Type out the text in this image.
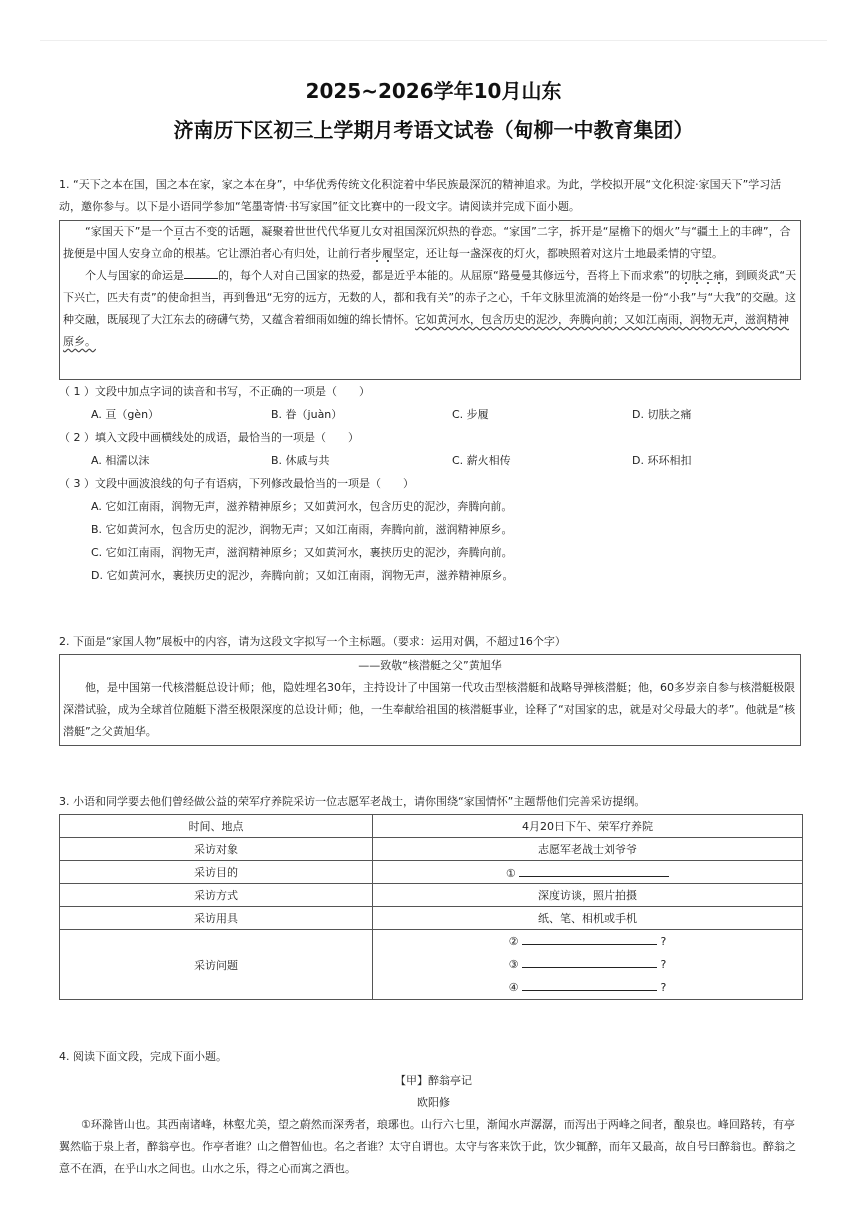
2025~2026学年10月山东
济南历下区初三上学期月考语文试卷（甸柳一中教育集团）
1. “天下之本在国，国之本在家，家之本在身”，中华优秀传统文化积淀着中华民族最深沉的精神追求。为此，学校拟开展“文化积淀·家国天下”学习活动，邀你参与。以下是小语同学参加“笔墨寄情·书写家国”征文比赛中的一段文字。请阅读并完成下面小题。

“家国天下”是一个亘古不变的话题，凝聚着世世代代华夏儿女对祖国深沉炽热的眷恋。“家国”二字，拆开是“屋檐下的烟火”与“疆土上的丰碑”，合拢便是中国人安身立命的根基。它让漂泊者心有归处，让前行者步履坚定，还让每一盏深夜的灯火，都映照着对这片土地最柔情的守望。

个人与国家的命运是	的，每个人对自己国家的热爱，都是近乎本能的。从屈原“路曼曼其修远兮，吾将上下而求索”的切肤之痛，到顾炎武“天下兴亡，匹夫有责”的使命担当，再到鲁迅“无穷的远方，无数的人，都和我有关”的赤子之心，千年文脉里流淌的始终是一份“小我”与“大我”的交融。这种交融，既展现了大江东去的磅礴气势，又蕴含着细雨如缠的绵长情怀。它如黄河水，包含历史的泥沙，奔腾向前；又如江南雨，润物无声，滋润精神原乡。

（ 1 ）文段中加点字词的读音和书写，不正确的一项是（　　）
A. 亘（gèn）	B. 眷（juàn）	C. 步履	D. 切肤之痛
（ 2 ）填入文段中画横线处的成语，最恰当的一项是（　　）
A. 相濡以沫	B. 休戚与共	C. 薪火相传	D. 环环相扣
（ 3 ）文段中画波浪线的句子有语病，下列修改最恰当的一项是（　　）
A. 它如江南雨，润物无声，滋养精神原乡；又如黄河水，包含历史的泥沙，奔腾向前。
B. 它如黄河水，包含历史的泥沙，润物无声；又如江南雨，奔腾向前，滋润精神原乡。
C. 它如江南雨，润物无声，滋润精神原乡；又如黄河水，裹挟历史的泥沙，奔腾向前。
D. 它如黄河水，裹挟历史的泥沙，奔腾向前；又如江南雨，润物无声，滋养精神原乡。
2. 下面是“家国人物”展板中的内容，请为这段文字拟写一个主标题。（要求：运用对偶，不超过16个字）
——致敬“核潜艇之父”黄旭华

他，是中国第一代核潜艇总设计师；他，隐姓埋名30年，主持设计了中国第一代攻击型核潜艇和战略导弹核潜艇；他，60多岁亲自参与核潜艇极限深潜试验，成为全球首位随艇下潜至极限深度的总设计师；他，一生奉献给祖国的核潜艇事业，诠释了“对国家的忠，就是对父母最大的孝”。他就是“核潜艇”之父黄旭华。

3. 小语和同学要去他们曾经做公益的荣军疗养院采访一位志愿军老战士，请你围绕“家国情怀”主题帮他们完善采访提纲。
时间、地点	4月20日下午、荣军疗养院
采访对象	志愿军老战士刘爷爷
采访目的	①
采访方式	深度访谈，照片拍摄
采访用具	纸、笔、相机或手机
采访问题	② ?
③ ?
④ ?
4. 阅读下面文段，完成下面小题。
【甲】醉翁亭记
欧阳修
①环滁皆山也。其西南诸峰，林壑尤美，望之蔚然而深秀者，琅琊也。山行六七里，渐闻水声潺潺，而泻出于两峰之间者，酿泉也。峰回路转，有亭翼然临于泉上者，醉翁亭也。作亭者谁？山之僧智仙也。名之者谁？太守自谓也。太守与客来饮于此，饮少辄醉，而年又最高，故自号曰醉翁也。醉翁之意不在酒，在乎山水之间也。山水之乐，得之心而寓之酒也。
